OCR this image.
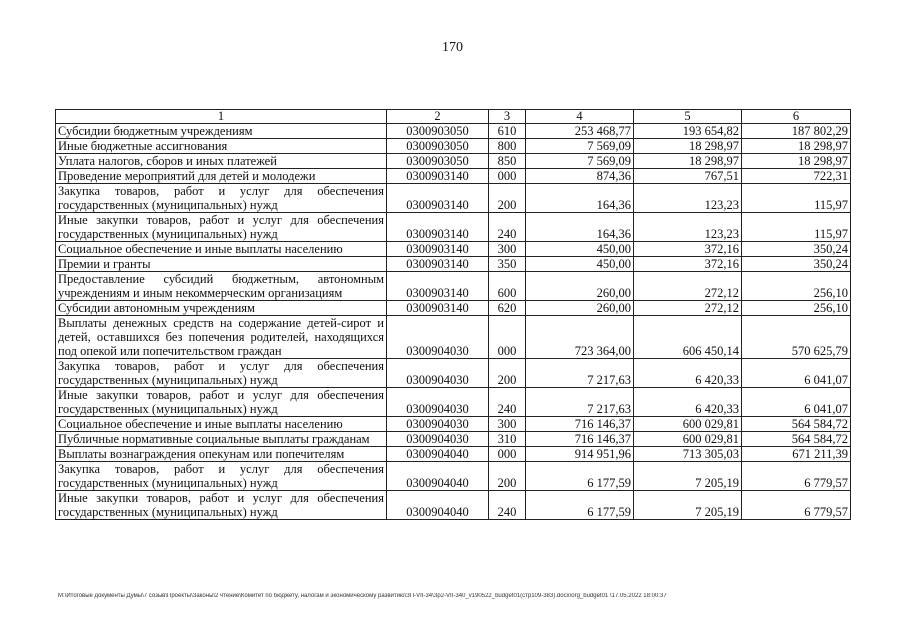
170
1	2	3	4	5	6
Субсидии бюджетным учреждениям	0300903050	610	253 468,77	193 654,82	187 802,29
Иные бюджетные ассигнования	0300903050	800	7 569,09	18 298,97	18 298,97
Уплата налогов, сборов и иных платежей	0300903050	850	7 569,09	18 298,97	18 298,97
Проведение мероприятий для детей и молодежи	0300903140	000	874,36	767,51	722,31
Закупка товаров, работ и услуг для обеспечения государственных (муниципальных) нужд	0300903140	200	164,36	123,23	115,97
Иные закупки товаров, работ и услуг для обеспечения государственных (муниципальных) нужд	0300903140	240	164,36	123,23	115,97
Социальное обеспечение и иные выплаты населению	0300903140	300	450,00	372,16	350,24
Премии и гранты	0300903140	350	450,00	372,16	350,24
Предоставление субсидий бюджетным, автономным учреждениям и иным некоммерческим организациям	0300903140	600	260,00	272,12	256,10
Субсидии автономным учреждениям	0300903140	620	260,00	272,12	256,10
Выплаты денежных средств на содержание детей-сирот и детей, оставшихся без попечения родителей, находящихся под опекой или попечительством граждан	0300904030	000	723 364,00	606 450,14	570 625,79
Закупка товаров, работ и услуг для обеспечения государственных (муниципальных) нужд	0300904030	200	7 217,63	6 420,33	6 041,07
Иные закупки товаров, работ и услуг для обеспечения государственных (муниципальных) нужд	0300904030	240	7 217,63	6 420,33	6 041,07
Социальное обеспечение и иные выплаты населению	0300904030	300	716 146,37	600 029,81	564 584,72
Публичные нормативные социальные выплаты гражданам	0300904030	310	716 146,37	600 029,81	564 584,72
Выплаты вознаграждения опекунам или попечителям	0300904040	000	914 951,96	713 305,03	671 211,39
Закупка товаров, работ и услуг для обеспечения государственных (муниципальных) нужд	0300904040	200	6 177,59	7 205,19	6 779,57
Иные закупки товаров, работ и услуг для обеспечения государственных (муниципальных) нужд	0300904040	240	6 177,59	7 205,19	6 779,57
M:\Итоговые документы Думы\7 созыв\Проекты\Законы\2 чтение\Комитет по бюджету, налогам и экономическому развитию\ЗП-VII-34\Зр2-VII-340_v190522_budget01(стр109-383).docx\org_budget01 \17.05.2022 18:00:37
